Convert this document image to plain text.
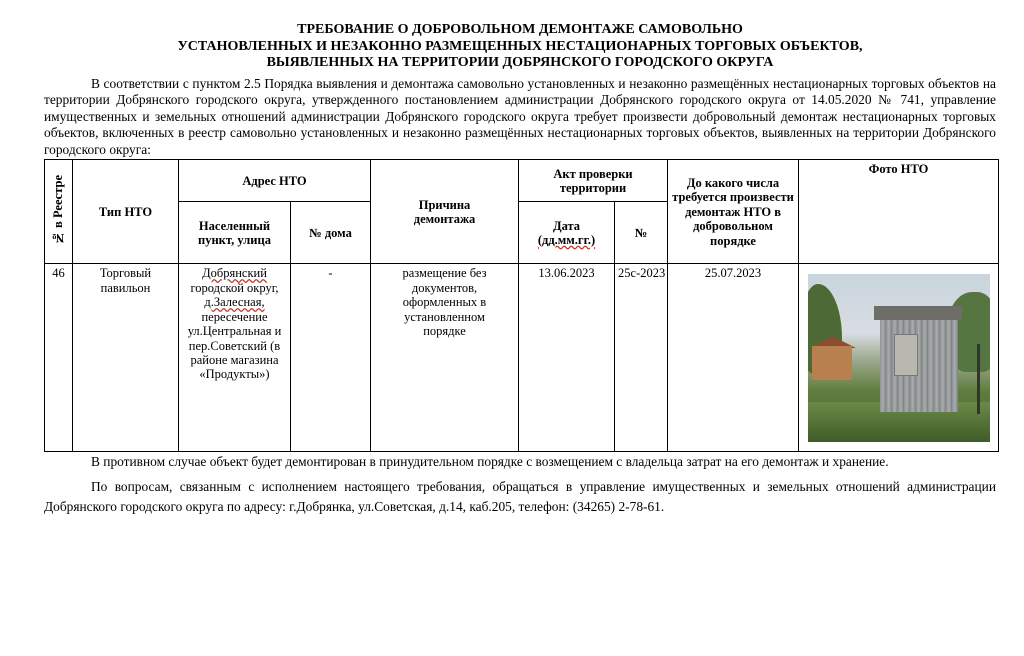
ТРЕБОВАНИЕ О ДОБРОВОЛЬНОМ ДЕМОНТАЖЕ САМОВОЛЬНО
УСТАНОВЛЕННЫХ И НЕЗАКОННО РАЗМЕЩЕННЫХ НЕСТАЦИОНАРНЫХ ТОРГОВЫХ ОБЪЕКТОВ,
ВЫЯВЛЕННЫХ НА ТЕРРИТОРИИ ДОБРЯНСКОГО ГОРОДСКОГО ОКРУГА

В соответствии с пунктом 2.5 Порядка выявления и демонтажа самовольно установленных и незаконно размещённых нестационарных торговых объектов на территории Добрянского городского округа, утвержденного постановлением администрации Добрянского городского округа от 14.05.2020 № 741, управление имущественных и земельных отношений администрации Добрянского городского округа требует произвести добровольный демонтаж нестационарных торговых объектов, включенных в реестр самовольно установленных и незаконно размещённых нестационарных торговых объектов, выявленных на территории Добрянского городского округа:

№ в Реестре	Тип НТО	Адрес НТО		Причина демонтажа	Акт проверки территории		До какого числа требуется произвести демонтаж НТО в добровольном порядке	Фото НТО
		Населенный пункт, улица	№ дома		Дата
(дд.мм.гг.)	№		
46	Торговый павильон	Добрянский
городской округ,
д.Залесная,
пересечение ул.Центральная и пер.Советский (в районе магазина «Продукты»)	-	размещение без документов, оформленных в установленном порядке	13.06.2023	25с-2023	25.07.2023	

В противном случае объект будет демонтирован в принудительном порядке с возмещением с владельца затрат на его демонтаж и хранение.

По вопросам, связанным с исполнением настоящего требования, обращаться в управление имущественных и земельных отношений администрации Добрянского городского округа по адресу: г.Добрянка, ул.Советская, д.14, каб.205, телефон: (34265) 2-78-61.
